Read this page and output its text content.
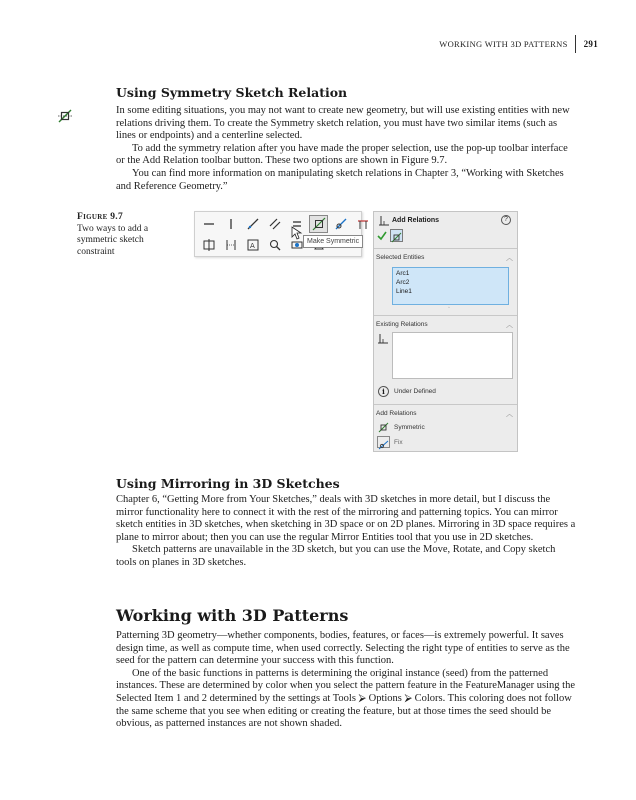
WORKING WITH 3D PATTERNS	291
Using Symmetry Sketch Relation

In some editing situations, you may not want to create new geometry, but will use existing entities with new relations driving them. To create the Symmetry sketch relation, you must have two similar items (such as lines or endpoints) and a centerline selected.

To add the symmetry relation after you have made the proper selection, use the pop-up toolbar interface or the Add Relation toolbar button. These two options are shown in Figure 9.7.

You can find more information on manipulating sketch relations in Chapter 3, “Working with Sketches and Reference Geometry.”

Figure 9.7
Two ways to add a symmetric sketch constraint
A
Make Symmetric
Add Relations	?
Selected Entities	︿
Arc1
Arc2
Line1
◦
Existing Relations	︿
i	Under Defined
Add Relations	︿
Symmetric
Fix
Using Mirroring in 3D Sketches

Chapter 6, “Getting More from Your Sketches,” deals with 3D sketches in more detail, but I discuss the mirror functionality here to connect it with the rest of the mirroring and patterning topics. You can mirror sketch entities in 3D sketches, when sketching in 3D space or on 2D planes. Mirroring in 3D space requires a plane to mirror about; then you can use the regular Mirror Entities tool that you use in 2D sketches.

Sketch patterns are unavailable in the 3D sketch, but you can use the Move, Rotate, and Copy sketch tools on planes in 3D sketches.

Working with 3D Patterns

Patterning 3D geometry—whether components, bodies, features, or faces—is extremely powerful. It saves design time, as well as compute time, when used correctly. Selecting the right type of entities to serve as the seed for the pattern can determine your success with this function.

One of the basic functions in patterns is determining the original instance (seed) from the patterned instances. These are determined by color when you select the pattern feature in the FeatureManager using the Selected Item 1 and 2 determined by the settings at Tools ⮚ Options ⮚ Colors. This coloring does not follow the same scheme that you see when editing or creating the feature, but at those times the seed should be obvious, as patterned instances are not shown shaded.
